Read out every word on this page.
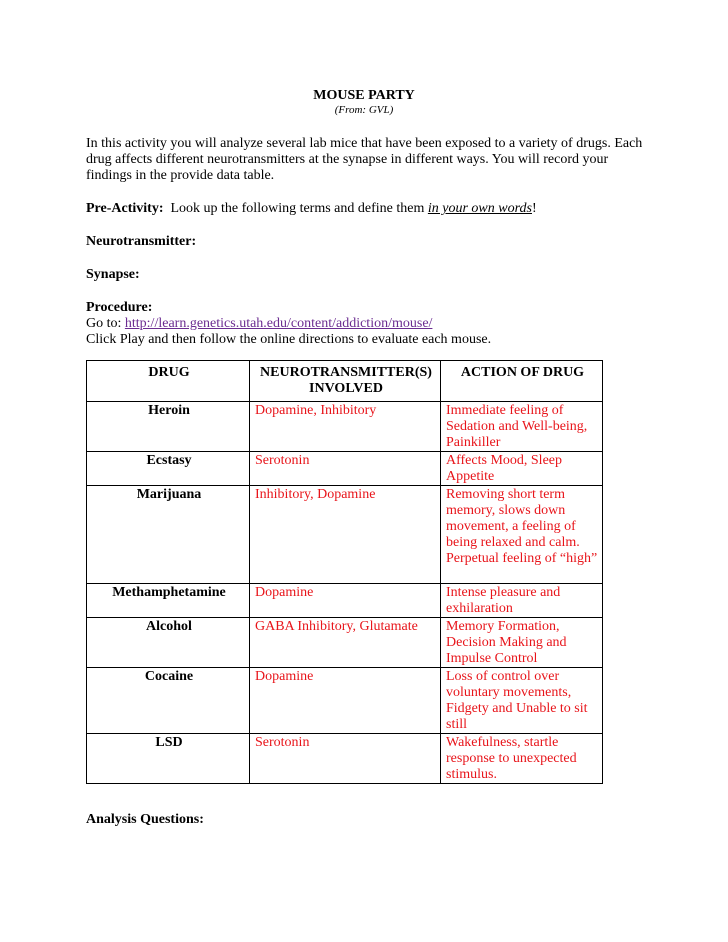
MOUSE PARTY
(From: GVL)
In this activity you will analyze several lab mice that have been exposed to a variety of drugs. Each drug affects different neurotransmitters at the synapse in different ways. You will record your findings in the provide data table.
Pre-Activity:  Look up the following terms and define them in your own words!
Neurotransmitter:
Synapse:
Procedure:
Go to: http://learn.genetics.utah.edu/content/addiction/mouse/
Click Play and then follow the online directions to evaluate each mouse.
DRUG	NEUROTRANSMITTER(S) INVOLVED	ACTION OF DRUG
Heroin	Dopamine, Inhibitory	Immediate feeling of Sedation and Well-being, Painkiller
Ecstasy	Serotonin	Affects Mood, Sleep Appetite
Marijuana	Inhibitory, Dopamine	Removing short term memory, slows down movement, a feeling of being relaxed and calm. Perpetual feeling of “high”
Methamphetamine	Dopamine	Intense pleasure and exhilaration
Alcohol	GABA Inhibitory, Glutamate	Memory Formation, Decision Making and Impulse Control
Cocaine	Dopamine	Loss of control over voluntary movements, Fidgety and Unable to sit still
LSD	Serotonin	Wakefulness, startle response to unexpected stimulus.
Analysis Questions:
